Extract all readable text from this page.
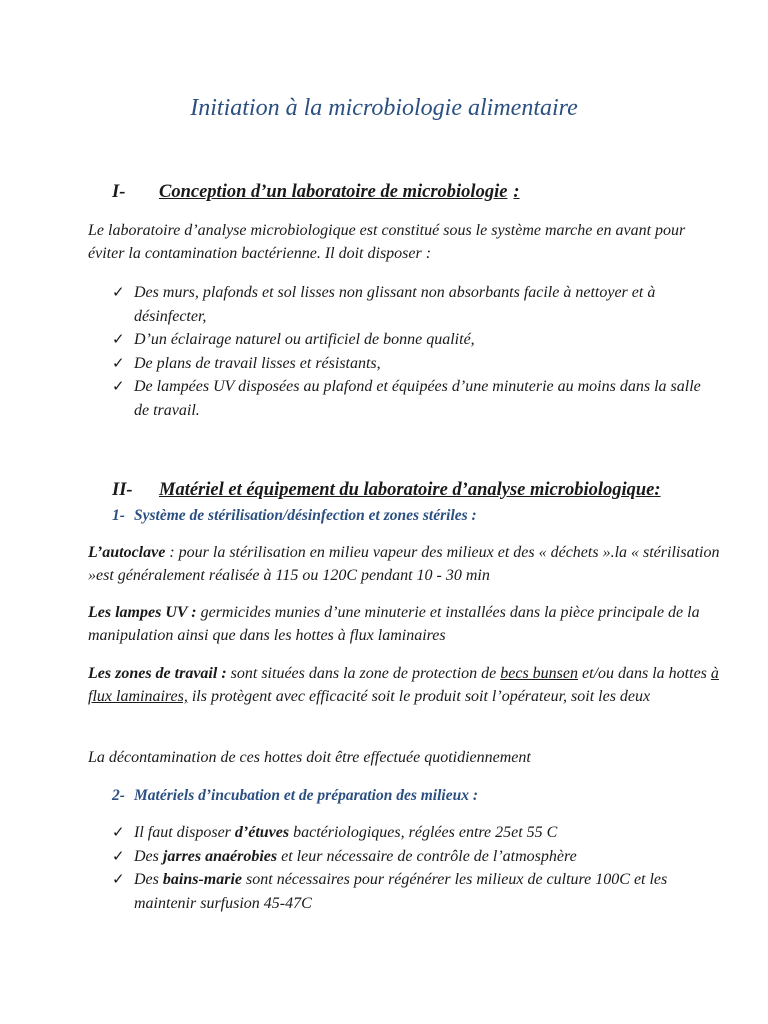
Initiation à la microbiologie alimentaire
I- Conception d’un laboratoire de microbiologie :
Le laboratoire d’analyse microbiologique est constitué sous le système marche en avant pour éviter la contamination bactérienne. Il doit disposer :
✓ Des murs, plafonds et sol lisses non glissant non absorbants facile à nettoyer et à désinfecter,
✓ D’un éclairage naturel ou artificiel de bonne qualité,
✓ De plans de travail lisses et résistants,
✓ De lampées UV disposées au plafond et équipées d’une minuterie au moins dans la salle de travail.
II- Matériel et équipement du laboratoire d’analyse microbiologique:
1- Système de stérilisation/désinfection et zones stériles :
L’autoclave : pour la stérilisation en milieu vapeur des milieux et des « déchets ».la « stérilisation »est généralement réalisée à 115 ou 120C pendant 10 - 30 min
Les lampes UV : germicides munies d’une minuterie et installées dans la pièce principale de la manipulation ainsi que dans les hottes à flux laminaires
Les zones de travail : sont situées dans la zone de protection de becs bunsen et/ou dans la hottes à flux laminaires, ils protègent avec efficacité soit le produit soit l’opérateur, soit les deux
La décontamination de ces hottes doit être effectuée quotidiennement
2- Matériels d’incubation et de préparation des milieux :
✓ Il faut disposer d’étuves bactériologiques, réglées entre 25et 55 C
✓ Des jarres anaérobies et leur nécessaire de contrôle de l’atmosphère
✓ Des bains-marie sont nécessaires pour régénérer les milieux de culture 100C et les maintenir surfusion 45-47C
